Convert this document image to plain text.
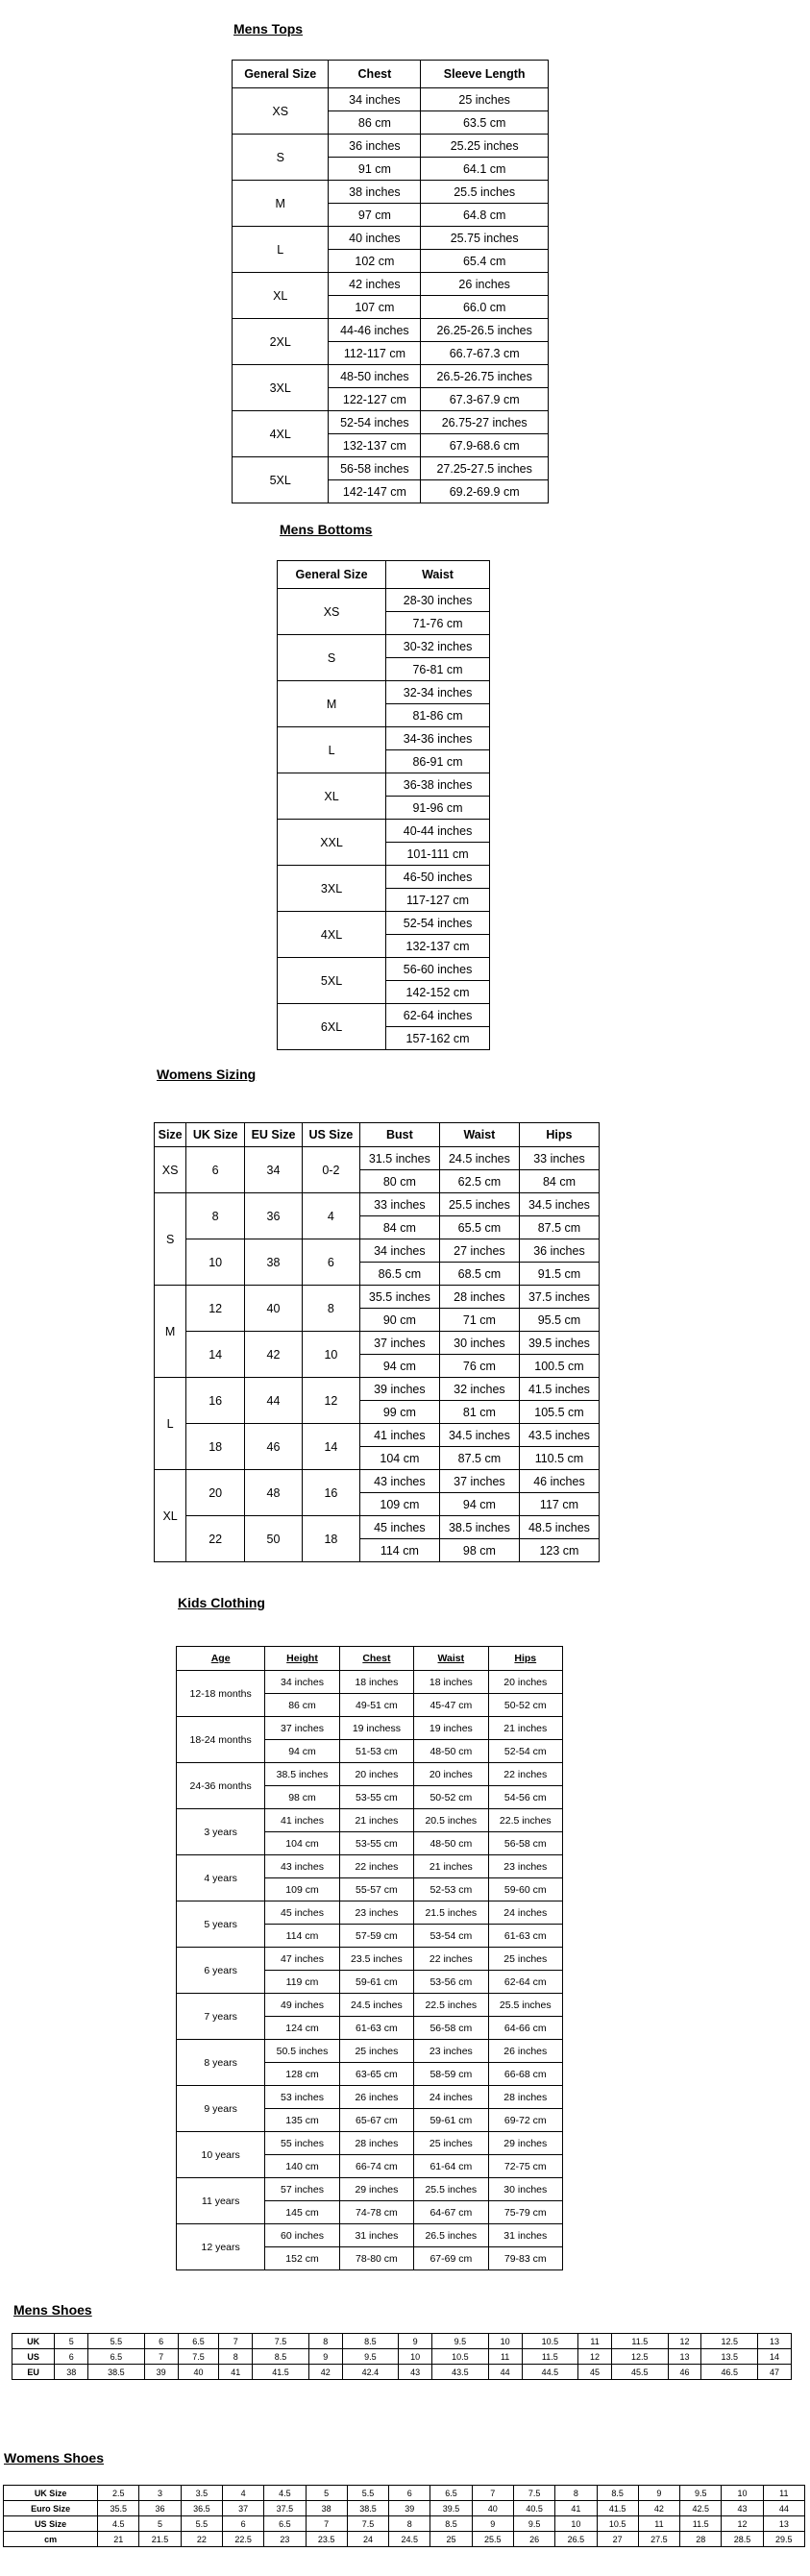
Mens Tops

General Size	Chest	Sleeve Length
XS	34 inches	25 inches
	86 cm	63.5 cm
S	36 inches	25.25 inches
	91 cm	64.1 cm
M	38 inches	25.5 inches
	97 cm	64.8 cm
L	40 inches	25.75 inches
	102 cm	65.4 cm
XL	42 inches	26 inches
	107 cm	66.0 cm
2XL	44-46 inches	26.25-26.5 inches
	112-117 cm	66.7-67.3 cm
3XL	48-50 inches	26.5-26.75 inches
	122-127 cm	67.3-67.9 cm
4XL	52-54 inches	26.75-27 inches
	132-137 cm	67.9-68.6 cm
5XL	56-58 inches	27.25-27.5 inches
	142-147 cm	69.2-69.9 cm

Mens Bottoms

General Size	Waist
XS	28-30 inches
	71-76 cm
S	30-32 inches
	76-81 cm
M	32-34 inches
	81-86 cm
L	34-36 inches
	86-91 cm
XL	36-38 inches
	91-96 cm
XXL	40-44 inches
	101-111 cm
3XL	46-50 inches
	117-127 cm
4XL	52-54 inches
	132-137 cm
5XL	56-60 inches
	142-152 cm
6XL	62-64 inches
	157-162 cm

Womens Sizing

Size	UK Size	EU Size	US Size	Bust	Waist	Hips
XS	6	34	0-2	31.5 inches	24.5 inches	33 inches
				80 cm	62.5 cm	84 cm
S	8	36	4	33 inches	25.5 inches	34.5 inches
				84 cm	65.5 cm	87.5 cm
	10	38	6	34 inches	27 inches	36 inches
				86.5 cm	68.5 cm	91.5 cm
M	12	40	8	35.5 inches	28 inches	37.5 inches
				90 cm	71 cm	95.5 cm
	14	42	10	37 inches	30 inches	39.5 inches
				94 cm	76 cm	100.5 cm
L	16	44	12	39 inches	32 inches	41.5 inches
				99 cm	81 cm	105.5 cm
	18	46	14	41 inches	34.5 inches	43.5 inches
				104 cm	87.5 cm	110.5 cm
XL	20	48	16	43 inches	37 inches	46 inches
				109 cm	94 cm	117 cm
	22	50	18	45 inches	38.5 inches	48.5 inches
				114 cm	98 cm	123 cm

Kids Clothing

Age	Height	Chest	Waist	Hips
12-18 months	34 inches	18 inches	18 inches	20 inches
	86 cm	49-51 cm	45-47 cm	50-52 cm
18-24 months	37 inches	19 inchess	19 inches	21 inches
	94 cm	51-53 cm	48-50 cm	52-54 cm
24-36 months	38.5 inches	20 inches	20 inches	22 inches
	98 cm	53-55 cm	50-52 cm	54-56 cm
3 years	41 inches	21 inches	20.5 inches	22.5 inches
	104 cm	53-55 cm	48-50 cm	56-58 cm
4 years	43 inches	22 inches	21 inches	23 inches
	109 cm	55-57 cm	52-53 cm	59-60 cm
5 years	45 inches	23 inches	21.5 inches	24 inches
	114 cm	57-59 cm	53-54 cm	61-63 cm
6 years	47 inches	23.5 inches	22 inches	25 inches
	119 cm	59-61 cm	53-56 cm	62-64 cm
7 years	49 inches	24.5 inches	22.5 inches	25.5 inches
	124 cm	61-63 cm	56-58 cm	64-66 cm
8 years	50.5 inches	25 inches	23 inches	26 inches
	128 cm	63-65 cm	58-59 cm	66-68 cm
9 years	53 inches	26 inches	24 inches	28 inches
	135 cm	65-67 cm	59-61 cm	69-72 cm
10 years	55 inches	28 inches	25 inches	29 inches
	140 cm	66-74 cm	61-64 cm	72-75 cm
11 years	57 inches	29 inches	25.5 inches	30 inches
	145 cm	74-78 cm	64-67 cm	75-79 cm
12 years	60 inches	31 inches	26.5 inches	31 inches
	152 cm	78-80 cm	67-69 cm	79-83 cm

Mens Shoes

UK	5	5.5	6	6.5	7	7.5	8	8.5	9	9.5	10	10.5	11	11.5	12	12.5	13
US	6	6.5	7	7.5	8	8.5	9	9.5	10	10.5	11	11.5	12	12.5	13	13.5	14
EU	38	38.5	39	40	41	41.5	42	42.4	43	43.5	44	44.5	45	45.5	46	46.5	47

Womens Shoes

UK Size	2.5	3	3.5	4	4.5	5	5.5	6	6.5	7	7.5	8	8.5	9	9.5	10	11
Euro Size	35.5	36	36.5	37	37.5	38	38.5	39	39.5	40	40.5	41	41.5	42	42.5	43	44
US Size	4.5	5	5.5	6	6.5	7	7.5	8	8.5	9	9.5	10	10.5	11	11.5	12	13
cm	21	21.5	22	22.5	23	23.5	24	24.5	25	25.5	26	26.5	27	27.5	28	28.5	29.5
